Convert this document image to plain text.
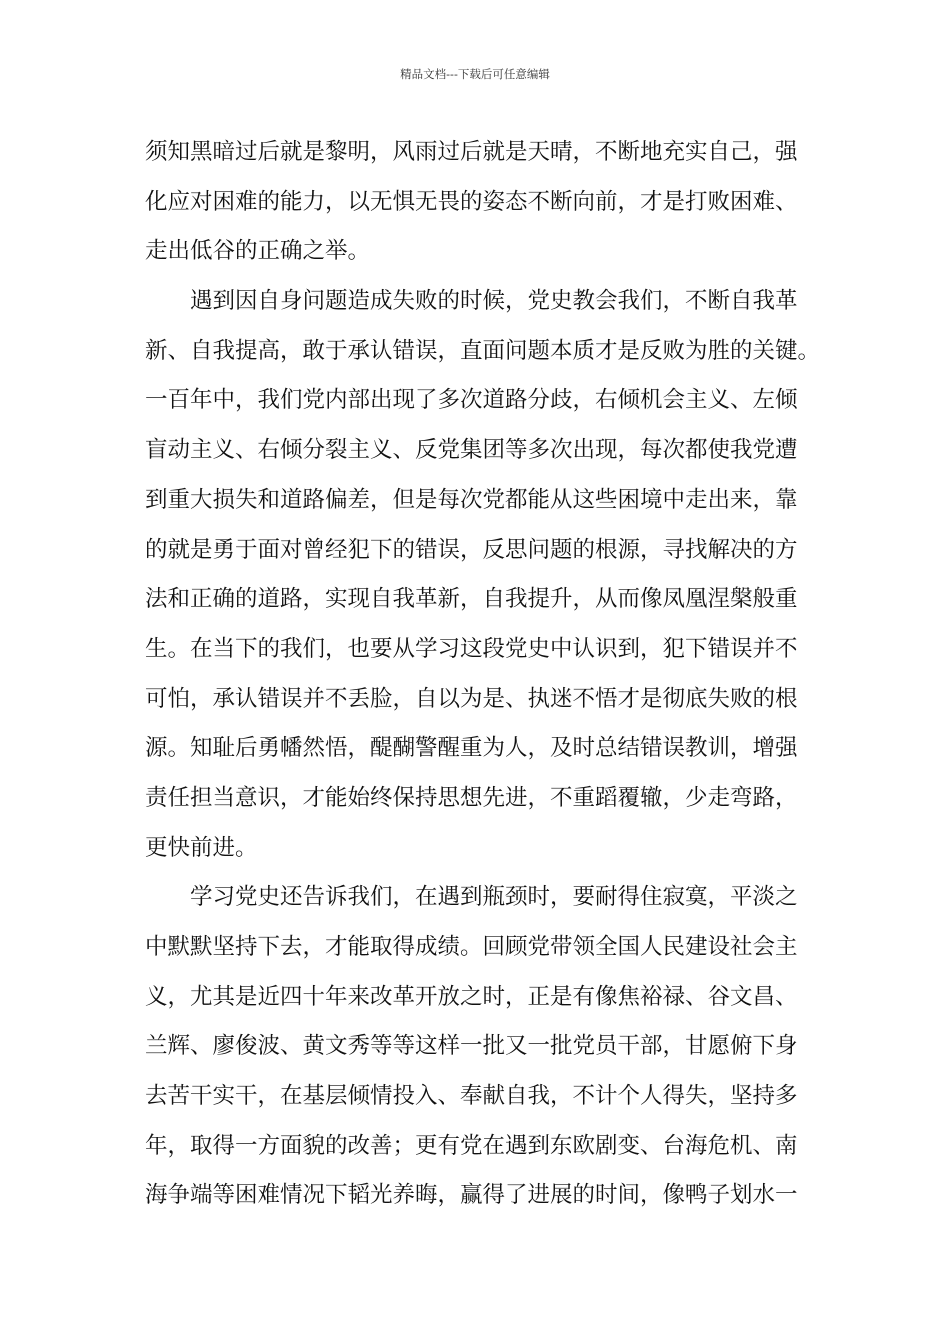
精品文档---下载后可任意编辑

须知黑暗过后就是黎明，风雨过后就是天晴，不断地充实自己，强
化应对困难的能力，以无惧无畏的姿态不断向前，才是打败困难、
走出低谷的正确之举。

遇到因自身问题造成失败的时候，党史教会我们，不断自我革
新、自我提高，敢于承认错误，直面问题本质才是反败为胜的关键。
一百年中，我们党内部出现了多次道路分歧，右倾机会主义、左倾
盲动主义、右倾分裂主义、反党集团等多次出现，每次都使我党遭
到重大损失和道路偏差，但是每次党都能从这些困境中走出来，靠
的就是勇于面对曾经犯下的错误，反思问题的根源，寻找解决的方
法和正确的道路，实现自我革新，自我提升，从而像凤凰涅槃般重
生。在当下的我们，也要从学习这段党史中认识到，犯下错误并不
可怕，承认错误并不丢脸，自以为是、执迷不悟才是彻底失败的根
源。知耻后勇幡然悟，醍醐警醒重为人，及时总结错误教训，增强
责任担当意识，才能始终保持思想先进，不重蹈覆辙，少走弯路，
更快前进。

学习党史还告诉我们，在遇到瓶颈时，要耐得住寂寞，平淡之
中默默坚持下去，才能取得成绩。回顾党带领全国人民建设社会主
义，尤其是近四十年来改革开放之时，正是有像焦裕禄、谷文昌、
兰辉、廖俊波、黄文秀等等这样一批又一批党员干部，甘愿俯下身
去苦干实干，在基层倾情投入、奉献自我，不计个人得失，坚持多
年，取得一方面貌的改善；更有党在遇到东欧剧变、台海危机、南
海争端等困难情况下韬光养晦，赢得了进展的时间，像鸭子划水一
